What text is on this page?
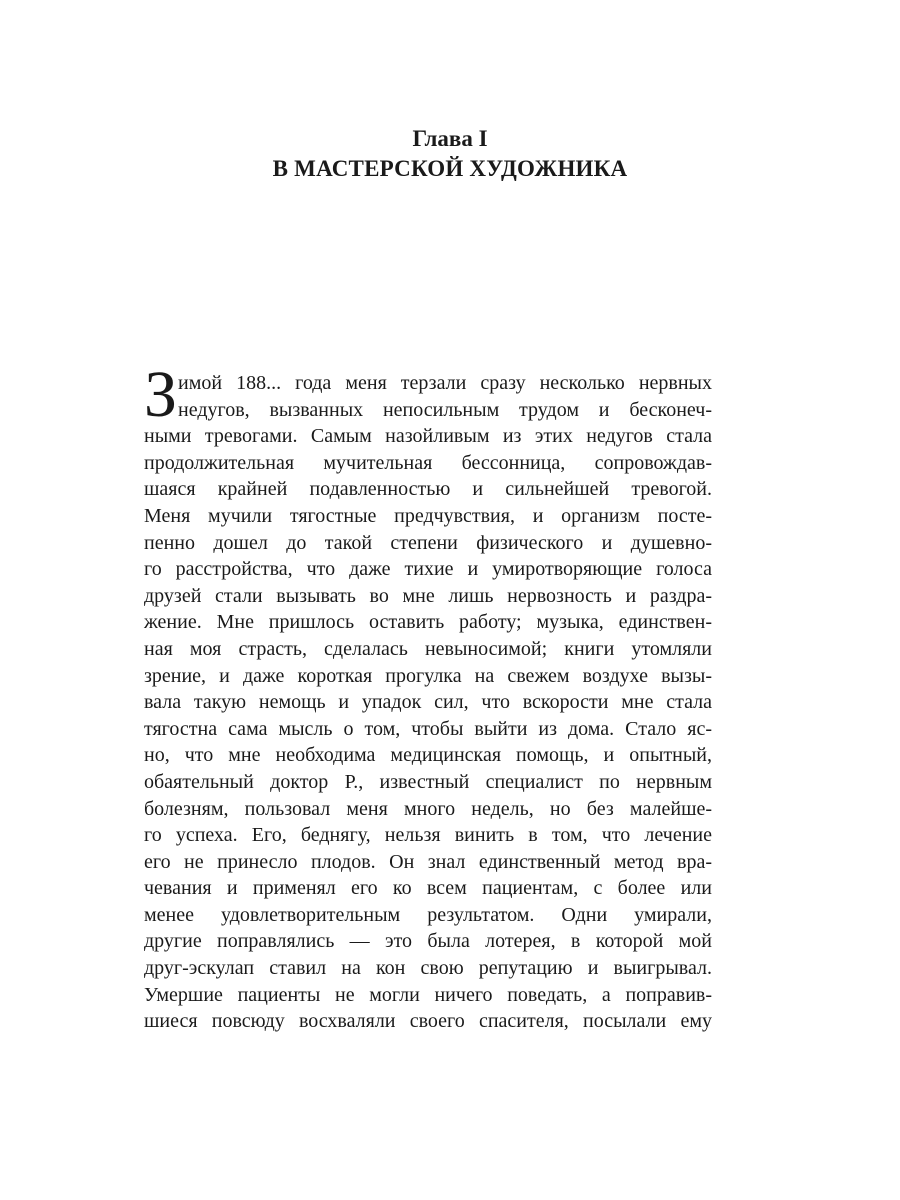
Глава I
В МАСТЕРСКОЙ ХУДОЖНИКА
З имой 188... года меня терзали сразу несколько нервных
недугов, вызванных непосильным трудом и бесконеч-
ными тревогами. Самым назойливым из этих недугов стала
продолжительная мучительная бессонница, сопровождав-
шаяся крайней подавленностью и сильнейшей тревогой.
Меня мучили тягостные предчувствия, и организм посте-
пенно дошел до такой степени физического и душевно-
го расстройства, что даже тихие и умиротворяющие голоса
друзей стали вызывать во мне лишь нервозность и раздра-
жение. Мне пришлось оставить работу; музыка, единствен-
ная моя страсть, сделалась невыносимой; книги утомляли
зрение, и даже короткая прогулка на свежем воздухе вызы-
вала такую немощь и упадок сил, что вскорости мне стала
тягостна сама мысль о том, чтобы выйти из дома. Стало яс-
но, что мне необходима медицинская помощь, и опытный,
обаятельный доктор Р., известный специалист по нервным
болезням, пользовал меня много недель, но без малейше-
го успеха. Его, беднягу, нельзя винить в том, что лечение
его не принесло плодов. Он знал единственный метод вра-
чевания и применял его ко всем пациентам, с более или
менее удовлетворительным результатом. Одни умирали,
другие поправлялись — это была лотерея, в которой мой
друг-эскулап ставил на кон свою репутацию и выигрывал.
Умершие пациенты не могли ничего поведать, а поправив-
шиеся повсюду восхваляли своего спасителя, посылали ему
